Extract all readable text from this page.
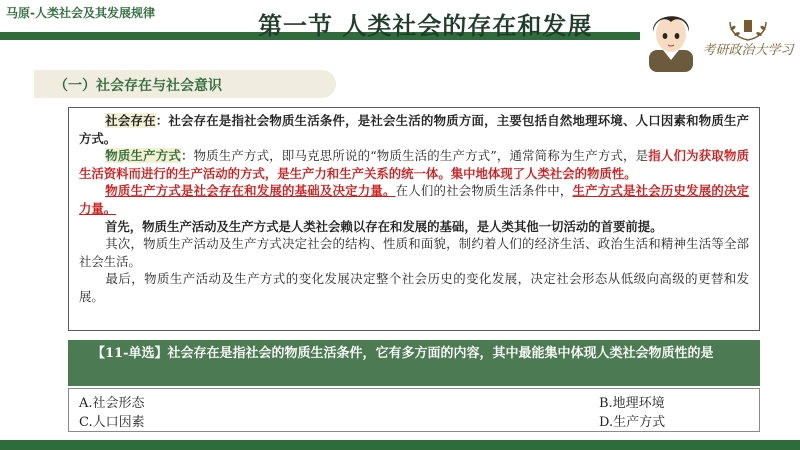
马原-人类社会及其发展规律	第一节 人类社会的存在和发展
考研政治大学习
（一）社会存在与社会意识

社会存在：社会存在是指社会物质生活条件，是社会生活的物质方面，主要包括自然地理环境、人口因素和物质生产方式。

物质生产方式：物质生产方式，即马克思所说的“物质生活的生产方式”，通常简称为生产方式，是指人们为获取物质生活资料而进行的生产活动的方式，是生产力和生产关系的统一体。集中地体现了人类社会的物质性。

物质生产方式是社会存在和发展的基础及决定力量。在人们的社会物质生活条件中，生产方式是社会历史发展的决定力量。

首先，物质生产活动及生产方式是人类社会赖以存在和发展的基础，是人类其他一切活动的首要前提。

其次，物质生产活动及生产方式决定社会的结构、性质和面貌，制约着人们的经济生活、政治生活和精神生活等全部社会生活。

最后，物质生产活动及生产方式的变化发展决定整个社会历史的变化发展，决定社会形态从低级向高级的更替和发展。

【11-单选】社会存在是指社会的物质生活条件，它有多方面的内容，其中最能集中体现人类社会物质性的是
A.社会形态	B.地理环境
C.人口因素	D.生产方式
